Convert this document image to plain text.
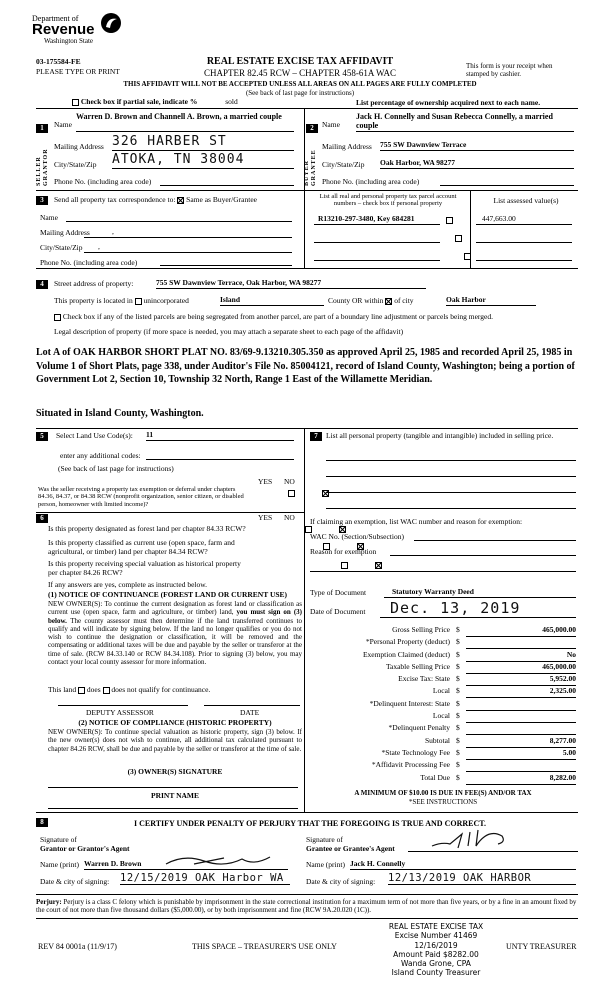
Department of
Revenue
Washington State
03-175584-FE
PLEASE TYPE OR PRINT
REAL ESTATE EXCISE TAX AFFIDAVIT
CHAPTER 82.45 RCW – CHAPTER 458-61A WAC
This form is your receipt when stamped by cashier.
THIS AFFIDAVIT WILL NOT BE ACCEPTED UNLESS ALL AREAS ON ALL PAGES ARE FULLY COMPLETED
(See back of last page for instructions)
Check box if partial sale, indicate %	sold	List percentage of ownership acquired next to each name.
SELLER GRANTOR
1	Name
Warren D. Brown and Channell A. Brown, a married couple
Mailing Address 326 HARBER ST
City/State/Zip ATOKA, TN 38004
Phone No. (including area code)	BUYER GRANTEE
2	Name
Jack H. Connelly and Susan Rebecca Connelly, a married couple
Mailing Address 755 SW Dawnview Terrace
City/State/Zip Oak Harbor, WA 98277
Phone No. (including area code)
3	Send all property tax correspondence to: Same as Buyer/Grantee
Name
Mailing Address	,
City/State/Zip	,
Phone No. (including area code)
List all real and personal property tax parcel account numbers – check box if personal property	List assessed value(s)
R13210-297-3480, Key 684281
	447,663.00

4	Street address of property:	755 SW Dawnview Terrace, Oak Harbor, WA 98277
This property is located in unincorporated	Island	County OR within of city	Oak Harbor
Check box if any of the listed parcels are being segregated from another parcel, are part of a boundary line adjustment or parcels being merged.
Legal description of property (if more space is needed, you may attach a separate sheet to each page of the affidavit)
Lot A of OAK HARBOR SHORT PLAT NO. 83/69-9.13210.305.350 as approved April 25, 1985 and recorded April 25, 1985 in Volume 1 of Short Plats, page 338, under Auditor's File No. 85004121, record of Island County, Washington; being a portion of Government Lot 2, Section 10, Township 32 North, Range 1 East of the Willamette Meridian.
Situated in Island County, Washington.
5	Select Land Use Code(s): 11
enter any additional codes:
(See back of last page for instructions)
YES NO
Was the seller receiving a property tax exemption or deferral under chapters 84.36, 84.37, or 84.38 RCW (nonprofit organization, senior citizen, or disabled person, homeowner with limited income)?

6	YES NO
Is this property designated as forest land per chapter 84.33 RCW?

Is this property classified as current use (open space, farm and agricultural, or timber) land per chapter 84.34 RCW?

Is this property receiving special valuation as historical property per chapter 84.26 RCW?

If any answers are yes, complete as instructed below.
(1) NOTICE OF CONTINUANCE (FOREST LAND OR CURRENT USE)
NEW OWNER(S): To continue the current designation as forest land or classification as current use (open space, farm and agriculture, or timber) land, you must sign on (3) below. The county assessor must then determine if the land transferred continues to qualify and will indicate by signing below. If the land no longer qualifies or you do not wish to continue the designation or classification, it will be removed and the compensating or additional taxes will be due and payable by the seller or transferor at the time of sale. (RCW 84.33.140 or RCW 84.34.108). Prior to signing (3) below, you may contact your local county assessor for more information.
This land does does not qualify for continuance.
DEPUTY ASSESSOR	DATE
(2) NOTICE OF COMPLIANCE (HISTORIC PROPERTY)
NEW OWNER(S): To continue special valuation as historic property, sign (3) below. If the new owner(s) does not wish to continue, all additional tax calculated pursuant to chapter 84.26 RCW, shall be due and payable by the seller or transferor at the time of sale.
(3) OWNER(S) SIGNATURE
PRINT NAME
7	List all personal property (tangible and intangible) included in selling price.
If claiming an exemption, list WAC number and reason for exemption:
WAC No. (Section/Subsection)
Reason for exemption
Type of Document	Statutory Warranty Deed
Date of Document	Dec. 13, 2019
Gross Selling Price $	465,000.00
*Personal Property (deduct) $
Exemption Claimed (deduct) $	No
Taxable Selling Price $	465,000.00
Excise Tax: State $	5,952.00
Local $	2,325.00
*Delinquent Interest: State $
Local $
*Delinquent Penalty $
Subtotal $	8,277.00
*State Technology Fee $	5.00
*Affidavit Processing Fee $
Total Due $	8,282.00
A MINIMUM OF $10.00 IS DUE IN FEE(S) AND/OR TAX
*SEE INSTRUCTIONS
8	I CERTIFY UNDER PENALTY OF PERJURY THAT THE FOREGOING IS TRUE AND CORRECT.
Signature of
Grantor or Grantor's Agent
Name (print) Warren D. Brown
Date & city of signing: 12/15/2019 OAK Harbor WA
Signature of
Grantee or Grantee's Agent
Name (print) Jack H. Connelly
Date & city of signing: 12/13/2019 OAK HARBOR
Perjury: Perjury is a class C felony which is punishable by imprisonment in the state correctional institution for a maximum term of not more than five years, or by a fine in an amount fixed by the court of not more than five thousand dollars ($5,000.00), or by both imprisonment and fine (RCW 9A.20.020 (1C)).
REV 84 0001a (11/9/17)	THIS SPACE – TREASURER'S USE ONLY	UNTY TREASURER
REAL ESTATE EXCISE TAX
Excise Number 41469
12/16/2019
Amount Paid $8282.00
Wanda Grone, CPA
Island County Treasurer
